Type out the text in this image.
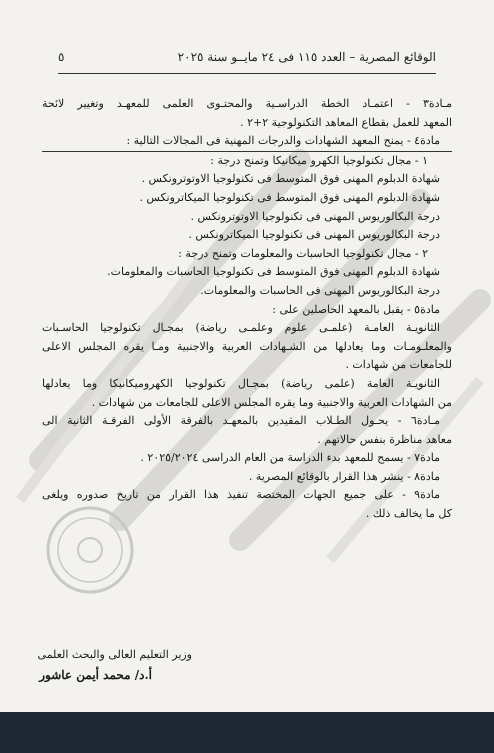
الوقائع المصرية – العدد ١١٥ فى ٢٤ مايــو سنة ٢٠٢٥
٥
مـادة٣ - اعتمـاد الخطة الدراسـية والمحتـوى العلمى للمعهـد وتغيير لائحة
المعهد للعمل بقطاع المعاهد التكنولوجية ٢+٢ .
مادة٤ - يمنح المعهد الشهادات والدرجات المهنية فى المجالات التالية :
١ - مجال تكنولوجيا الكهرو ميكانيكا وتمنح درجة :
شهادة الدبلوم المهنى فوق المتوسط فى تكنولوجيا الاوتوترونكس .
شهادة الدبلوم المهنى فوق المتوسط فى تكنولوجيا الميكاترونكس .
درجة البكالوريوس المهنى فى تكنولوجيا الاوتوترونكس .
درجة البكالوريوس المهنى فى تكنولوجيا الميكاترونكس .
٢ - مجال تكنولوجيا الحاسبات والمعلومات وتمنح درجة :
شهادة الدبلوم المهنى فوق المتوسط فى تكنولوجيا الحاسبات والمعلومات.
درجة البكالوريوس المهنى فى الحاسبات والمعلومات.
مادة٥ - يقبل بالمعهد الحاصلين على :
الثانويـة العامـة (علمـى علوم وعلمـى رياضة) بمجـال تكنولوجيا الحاسـبات
والمعلـومـات وما يعادلها من الشـهادات العربية والاجنبية ومـا يقره المجلس الاعلى
للجامعات من شهادات .
الثانويـة العامة (علمى رياضة) بمجـال تكنولوجيا الكهروميكانيكا وما يعادلها
من الشهادات العربية والاجنبية وما يقره المجلس الاعلى للجامعات من شهادات .
مـادة٦ - يحـول الطـلاب المقيدين بالمعهـد بالفرقة الأولى الفرقـة الثانية الى
معاهد مناظرة بنفس حالاتهم .
مادة٧ - يسمح للمعهد بدء الدراسة من العام الدراسى ٢٠٢٥/٢٠٢٤ .
مادة٨ - ينشر هذا القرار بالوقائع المصرية .
مادة٩ - على جميع الجهات المختصة تنفيذ هذا القرار من تاريخ صدوره ويلغى
كل ما يخالف ذلك .
وزير التعليم العالى والبحث العلمى
أ.د/ محمد أيمن عاشور
